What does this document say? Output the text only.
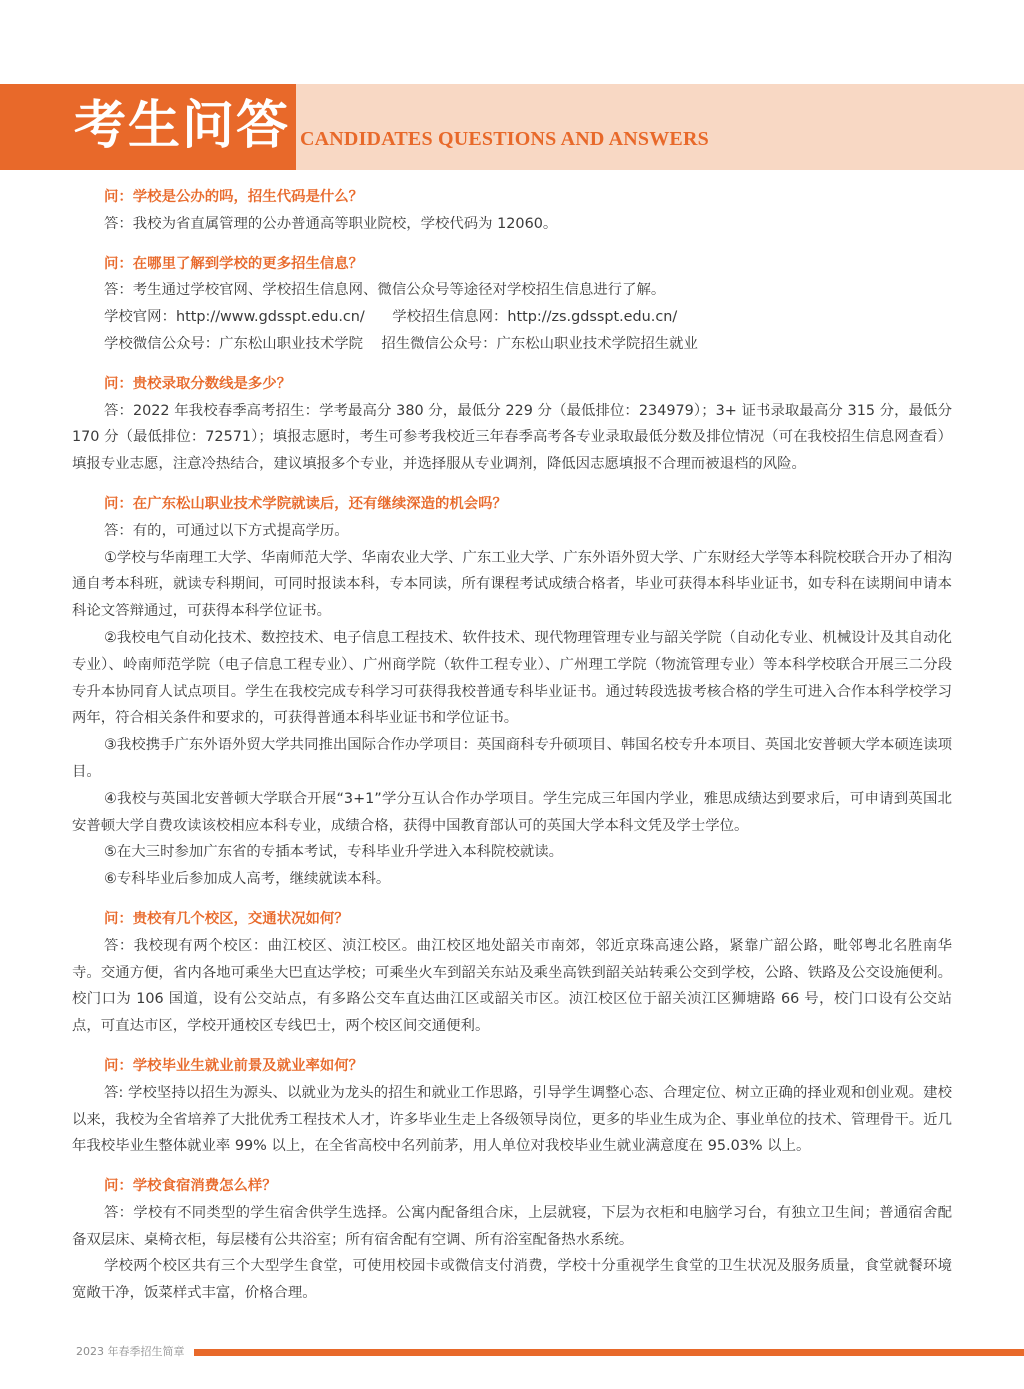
考生问答 CANDIDATES QUESTIONS AND ANSWERS
问：学校是公办的吗，招生代码是什么？
答：我校为省直属管理的公办普通高等职业院校，学校代码为 12060。
问：在哪里了解到学校的更多招生信息？
答：考生通过学校官网、学校招生信息网、微信公众号等途径对学校招生信息进行了解。
学校官网：http://www.gdsspt.edu.cn/      学校招生信息网：http://zs.gdsspt.edu.cn/
学校微信公众号：广东松山职业技术学院    招生微信公众号：广东松山职业技术学院招生就业
问：贵校录取分数线是多少？
答：2022 年我校春季高考招生：学考最高分 380 分，最低分 229 分（最低排位：234979）；3+ 证书录取最高分 315 分，最低分 170 分（最低排位：72571）；填报志愿时，考生可参考我校近三年春季高考各专业录取最低分数及排位情况（可在我校招生信息网查看）填报专业志愿，注意冷热结合，建议填报多个专业，并选择服从专业调剂，降低因志愿填报不合理而被退档的风险。
问：在广东松山职业技术学院就读后，还有继续深造的机会吗？
答：有的，可通过以下方式提高学历。
①学校与华南理工大学、华南师范大学、华南农业大学、广东工业大学、广东外语外贸大学、广东财经大学等本科院校联合开办了相沟通自考本科班，就读专科期间，可同时报读本科，专本同读，所有课程考试成绩合格者，毕业可获得本科毕业证书，如专科在读期间申请本科论文答辩通过，可获得本科学位证书。
②我校电气自动化技术、数控技术、电子信息工程技术、软件技术、现代物理管理专业与韶关学院（自动化专业、机械设计及其自动化专业）、岭南师范学院（电子信息工程专业）、广州商学院（软件工程专业）、广州理工学院（物流管理专业）等本科学校联合开展三二分段专升本协同育人试点项目。学生在我校完成专科学习可获得我校普通专科毕业证书。通过转段选拔考核合格的学生可进入合作本科学校学习两年，符合相关条件和要求的，可获得普通本科毕业证书和学位证书。
③我校携手广东外语外贸大学共同推出国际合作办学项目：英国商科专升硕项目、韩国名校专升本项目、英国北安普顿大学本硕连读项目。
④我校与英国北安普顿大学联合开展“3+1”学分互认合作办学项目。学生完成三年国内学业，雅思成绩达到要求后，可申请到英国北安普顿大学自费攻读该校相应本科专业，成绩合格，获得中国教育部认可的英国大学本科文凭及学士学位。
⑤在大三时参加广东省的专插本考试，专科毕业升学进入本科院校就读。
⑥专科毕业后参加成人高考，继续就读本科。
问：贵校有几个校区，交通状况如何？
答：我校现有两个校区：曲江校区、浈江校区。曲江校区地处韶关市南郊，邻近京珠高速公路，紧靠广韶公路，毗邻粤北名胜南华寺。交通方便，省内各地可乘坐大巴直达学校；可乘坐火车到韶关东站及乘坐高铁到韶关站转乘公交到学校，公路、铁路及公交设施便利。校门口为 106 国道，设有公交站点，有多路公交车直达曲江区或韶关市区。浈江校区位于韶关浈江区狮塘路 66 号，校门口设有公交站点，可直达市区，学校开通校区专线巴士，两个校区间交通便利。
问：学校毕业生就业前景及就业率如何？
答: 学校坚持以招生为源头、以就业为龙头的招生和就业工作思路，引导学生调整心态、合理定位、树立正确的择业观和创业观。建校以来，我校为全省培养了大批优秀工程技术人才，许多毕业生走上各级领导岗位，更多的毕业生成为企、事业单位的技术、管理骨干。近几年我校毕业生整体就业率 99% 以上，在全省高校中名列前茅，用人单位对我校毕业生就业满意度在 95.03% 以上。
问：学校食宿消费怎么样？
答：学校有不同类型的学生宿舍供学生选择。公寓内配备组合床，上层就寝，下层为衣柜和电脑学习台，有独立卫生间；普通宿舍配备双层床、桌椅衣柜，每层楼有公共浴室；所有宿舍配有空调、所有浴室配备热水系统。
学校两个校区共有三个大型学生食堂，可使用校园卡或微信支付消费，学校十分重视学生食堂的卫生状况及服务质量，食堂就餐环境宽敞干净，饭菜样式丰富，价格合理。
2023 年春季招生简章
